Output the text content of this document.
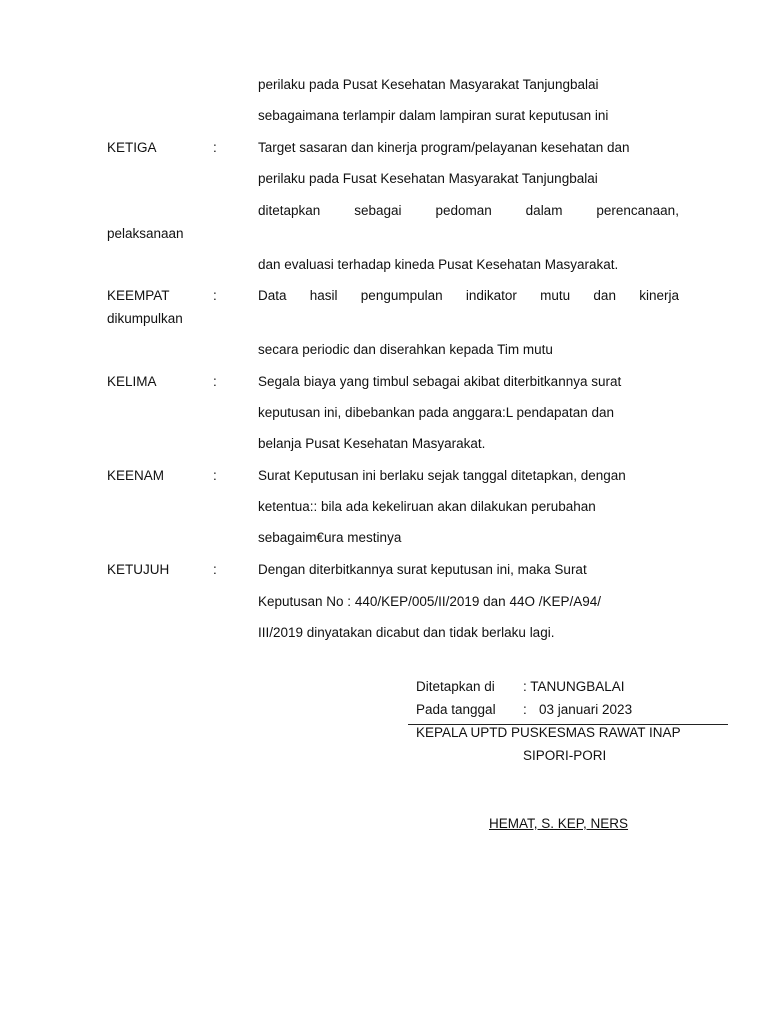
perilaku pada Pusat Kesehatan Masyarakat Tanjungbalai
sebagaimana terlampir dalam lampiran surat keputusan ini
KETIGA	:	Target sasaran dan kinerja program/pelayanan kesehatan dan
perilaku pada Fusat Kesehatan Masyarakat Tanjungbalai
ditetapkan	sebagai	pedoman	dalam	perencanaan,
pelaksanaan
dan evaluasi terhadap kineda Pusat Kesehatan Masyarakat.
KEEMPAT	:	Data hasil pengumpulan indikator mutu dan kinerja
dikumpulkan
secara periodic dan diserahkan kepada Tim mutu
KELIMA	:	Segala biaya yang timbul sebagai akibat diterbitkannya surat
keputusan ini, dibebankan pada anggara:L pendapatan dan
belanja Pusat Kesehatan Masyarakat.
KEENAM	:	Surat Keputusan ini berlaku sejak tanggal ditetapkan, dengan
ketentua:: bila ada kekeliruan akan dilakukan perubahan
sebagaim€ura mestinya
KETUJUH	:	Dengan diterbitkannya surat keputusan ini, maka Surat
Keputusan No : 440/KEP/005/II/2019 dan 44O /KEP/A94/
III/2019 dinyatakan dicabut dan tidak berlaku lagi.
Ditetapkan di : TANUNGBALAI
Pada tanggal : 03 januari 2023
KEPALA UPTD PUSKESMAS RAWAT INAP
SIPORI-PORI
HEMAT, S. KEP, NERS
